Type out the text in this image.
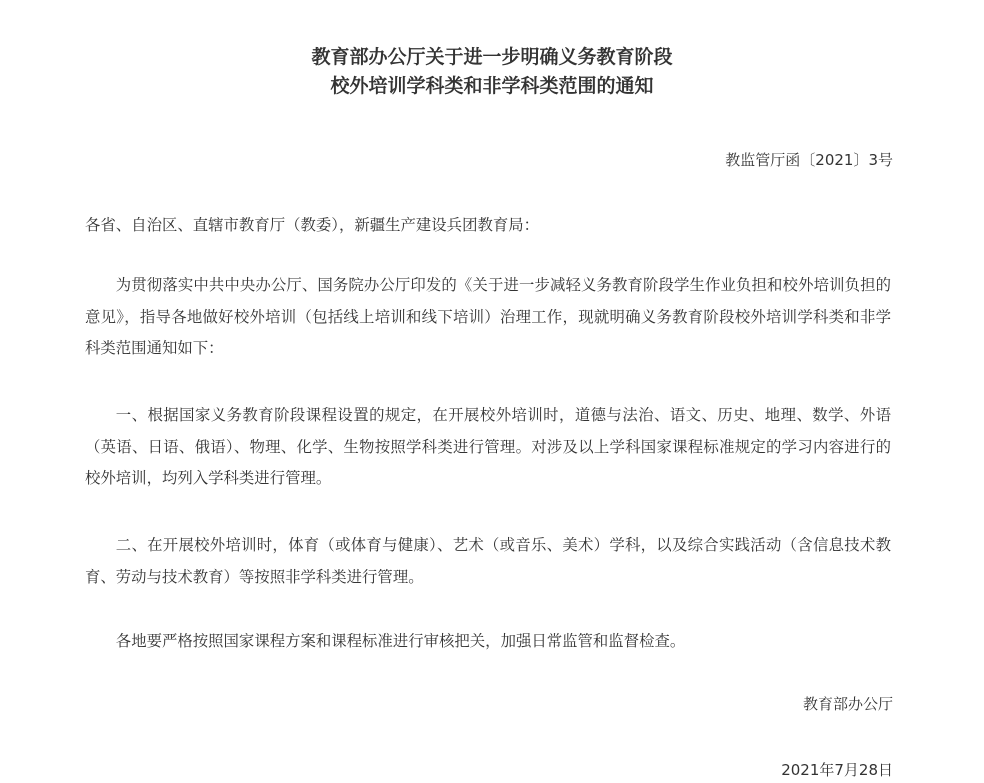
教育部办公厅关于进一步明确义务教育阶段
校外培训学科类和非学科类范围的通知
教监管厅函〔2021〕3号

各省、自治区、直辖市教育厅（教委），新疆生产建设兵团教育局：

为贯彻落实中共中央办公厅、国务院办公厅印发的《关于进一步减轻义务教育阶段学生作业负担和校外培训负担的意见》，指导各地做好校外培训（包括线上培训和线下培训）治理工作，现就明确义务教育阶段校外培训学科类和非学科类范围通知如下：

一、根据国家义务教育阶段课程设置的规定，在开展校外培训时，道德与法治、语文、历史、地理、数学、外语（英语、日语、俄语）、物理、化学、生物按照学科类进行管理。对涉及以上学科国家课程标准规定的学习内容进行的校外培训，均列入学科类进行管理。

二、在开展校外培训时，体育（或体育与健康）、艺术（或音乐、美术）学科，以及综合实践活动（含信息技术教育、劳动与技术教育）等按照非学科类进行管理。

各地要严格按照国家课程方案和课程标准进行审核把关，加强日常监管和监督检查。

教育部办公厅
2021年7月28日
